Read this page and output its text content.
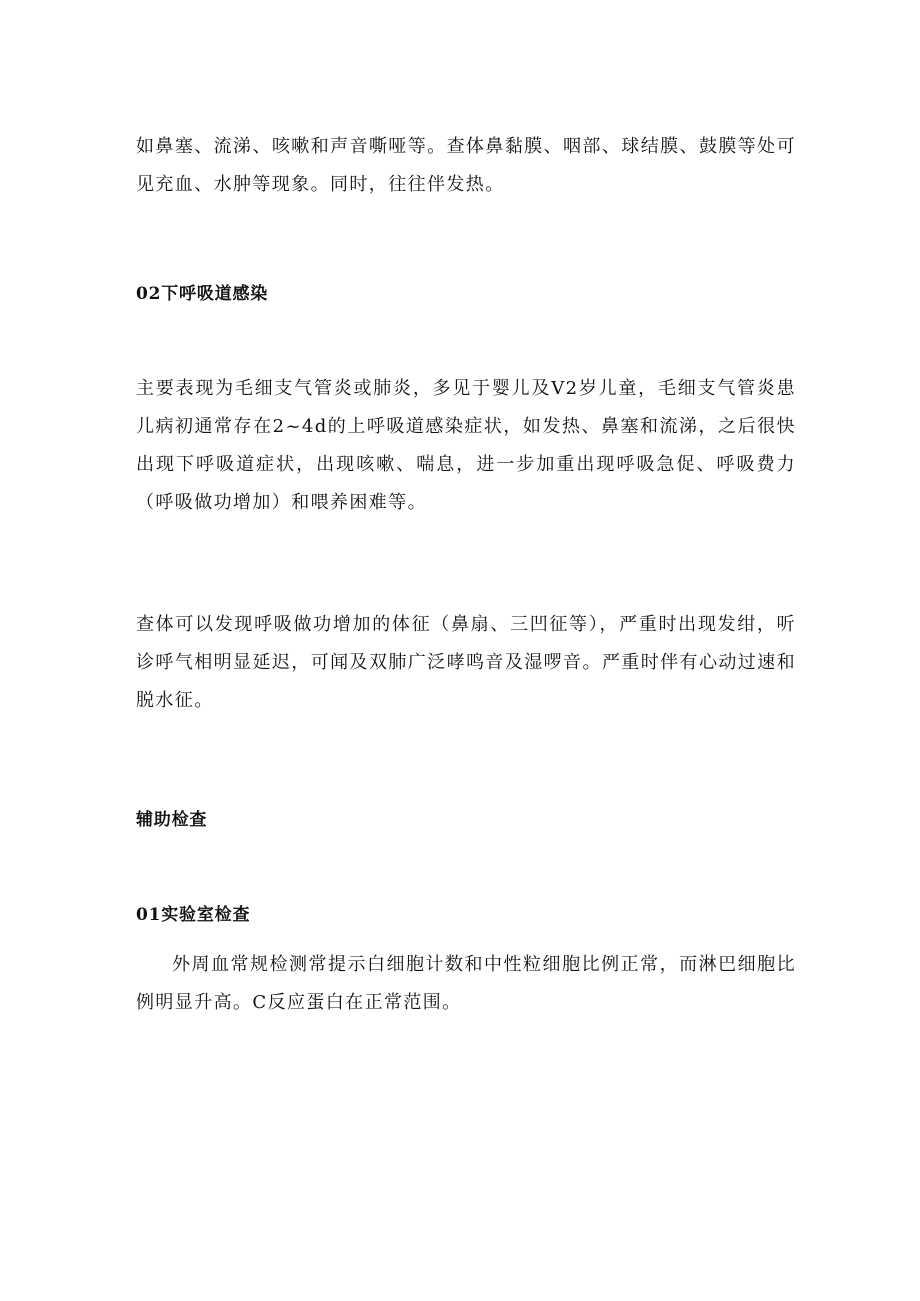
如鼻塞、流涕、咳嗽和声音嘶哑等。查体鼻黏膜、咽部、球结膜、鼓膜等处可见充血、水肿等现象。同时，往往伴发热。

02下呼吸道感染

主要表现为毛细支气管炎或肺炎，多见于婴儿及V2岁儿童，毛细支气管炎患儿病初通常存在2~4d的上呼吸道感染症状，如发热、鼻塞和流涕，之后很快出现下呼吸道症状，出现咳嗽、喘息，进一步加重出现呼吸急促、呼吸费力（呼吸做功增加）和喂养困难等。

查体可以发现呼吸做功增加的体征（鼻扇、三凹征等），严重时出现发绀，听诊呼气相明显延迟，可闻及双肺广泛哮鸣音及湿啰音。严重时伴有心动过速和脱水征。

辅助检查
01实验室检查

外周血常规检测常提示白细胞计数和中性粒细胞比例正常，而淋巴细胞比例明显升高。C反应蛋白在正常范围。
